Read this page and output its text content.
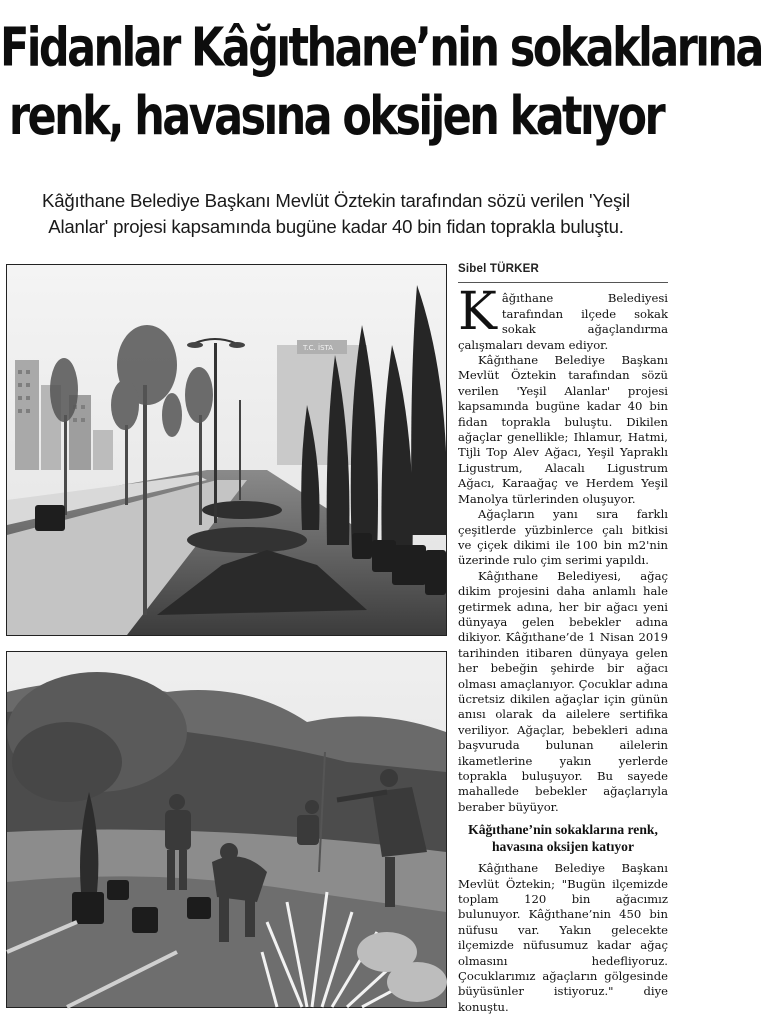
Fidanlar Kâğıthane’nin sokaklarına
renk, havasına oksijen katıyor
Kâğıthane Belediye Başkanı Mevlüt Öztekin tarafından sözü verilen 'Yeşil
Alanlar' projesi kapsamında bugüne kadar 40 bin fidan toprakla buluştu.
T.C. İSTA
Sibel TÜRKER

Kâğıthane Belediyesi tarafından ilçede sokak sokak ağaçlandırma çalışmaları devam ediyor.

Kâğıthane Belediye Başkanı Mevlüt Öztekin tarafından sözü verilen 'Yeşil Alanlar' projesi kapsamında bugüne kadar 40 bin fidan toprakla buluştu. Dikilen ağaçlar genellikle; Ihlamur, Hatmi, Tijli Top Alev Ağacı, Yeşil Yapraklı Ligustrum, Alacalı Ligustrum Ağacı, Karaağaç ve Herdem Yeşil Manolya türlerinden oluşuyor.

Ağaçların yanı sıra farklı çeşitlerde yüzbinlerce çalı bitkisi ve çiçek dikimi ile 100 bin m2'nin üzerinde rulo çim serimi yapıldı.

Kâğıthane Belediyesi, ağaç dikim projesini daha anlamlı hale getirmek adına, her bir ağacı yeni dünyaya gelen bebekler adına dikiyor. Kâğıthane’de 1 Nisan 2019 tarihinden itibaren dünyaya gelen her bebeğin şehirde bir ağacı olması amaçlanıyor. Çocuklar adına ücretsiz dikilen ağaçlar için günün anısı olarak da ailelere sertifika veriliyor. Ağaçlar, bebekleri adına başvuruda bulunan ailelerin ikametlerine yakın yerlerde toprakla buluşuyor. Bu sayede mahallede bebekler ağaçlarıyla beraber büyüyor.

Kâğıthane’nin sokaklarına renk, havasına oksijen katıyor

Kâğıthane Belediye Başkanı Mevlüt Öztekin; "Bugün ilçemizde toplam 120 bin ağacımız bulunuyor. Kâğıthane’nin 450 bin nüfusu var. Yakın gelecekte ilçemizde nüfusumuz kadar ağaç olmasını hedefliyoruz. Çocuklarımız ağaçların gölgesinde büyüsünler istiyoruz." diye konuştu.
